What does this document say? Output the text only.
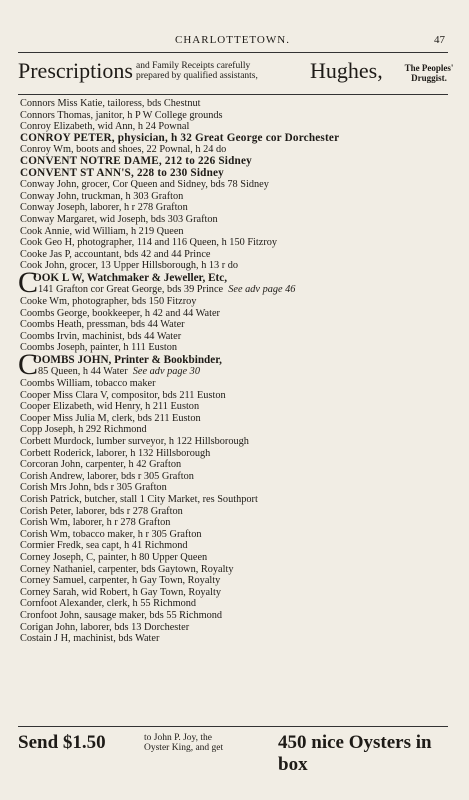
CHARLOTTETOWN.	47
Prescriptions and Family Receipts carefully
prepared by qualified assistants, Hughes,	The Peoples'
Druggist.
Connors Miss Katie, tailoress, bds Chestnut
Connors Thomas, janitor, h P W College grounds
Conroy Elizabeth, wid Ann, h 24 Pownal
CONROY PETER, physician, h 32 Great George cor Dorchester
Conroy Wm, boots and shoes, 22 Pownal, h 24 do
CONVENT NOTRE DAME, 212 to 226 Sidney
CONVENT ST ANN'S, 228 to 230 Sidney
Conway John, grocer, Cor Queen and Sidney, bds 78 Sidney
Conway John, truckman, h 303 Grafton
Conway Joseph, laborer, h r 278 Grafton
Conway Margaret, wid Joseph, bds 303 Grafton
Cook Annie, wid William, h 219 Queen
Cook Geo H, photographer, 114 and 116 Queen, h 150 Fitzroy
Cooke Jas P, accountant, bds 42 and 44 Prince
Cook John, grocer, 13 Upper Hillsborough, h 13 r do
C
OOK L W, Watchmaker & Jeweller, Etc,
141 Grafton cor Great George, bds 39 Prince See adv page 46
Cooke Wm, photographer, bds 150 Fitzroy
Coombs George, bookkeeper, h 42 and 44 Water
Coombs Heath, pressman, bds 44 Water
Coombs Irvin, machinist, bds 44 Water
Coombs Joseph, painter, h 111 Euston
C
OOMBS JOHN, Printer & Bookbinder,
85 Queen, h 44 Water See adv page 30
Coombs William, tobacco maker
Cooper Miss Clara V, compositor, bds 211 Euston
Cooper Elizabeth, wid Henry, h 211 Euston
Cooper Miss Julia M, clerk, bds 211 Euston
Copp Joseph, h 292 Richmond
Corbett Murdock, lumber surveyor, h 122 Hillsborough
Corbett Roderick, laborer, h 132 Hillsborough
Corcoran John, carpenter, h 42 Grafton
Corish Andrew, laborer, bds r 305 Grafton
Corish Mrs John, bds r 305 Grafton
Corish Patrick, butcher, stall 1 City Market, res Southport
Corish Peter, laborer, bds r 278 Grafton
Corish Wm, laborer, h r 278 Grafton
Corish Wm, tobacco maker, h r 305 Grafton
Cormier Fredk, sea capt, h 41 Richmond
Corney Joseph, C, painter, h 80 Upper Queen
Corney Nathaniel, carpenter, bds Gaytown, Royalty
Corney Samuel, carpenter, h Gay Town, Royalty
Corney Sarah, wid Robert, h Gay Town, Royalty
Cornfoot Alexander, clerk, h 55 Richmond
Cronfoot John, sausage maker, bds 55 Richmond
Corigan John, laborer, bds 13 Dorchester
Costain J H, machinist, bds Water
Send $1.50	to John P. Joy, the
Oyster King, and get	450 nice Oysters in box
